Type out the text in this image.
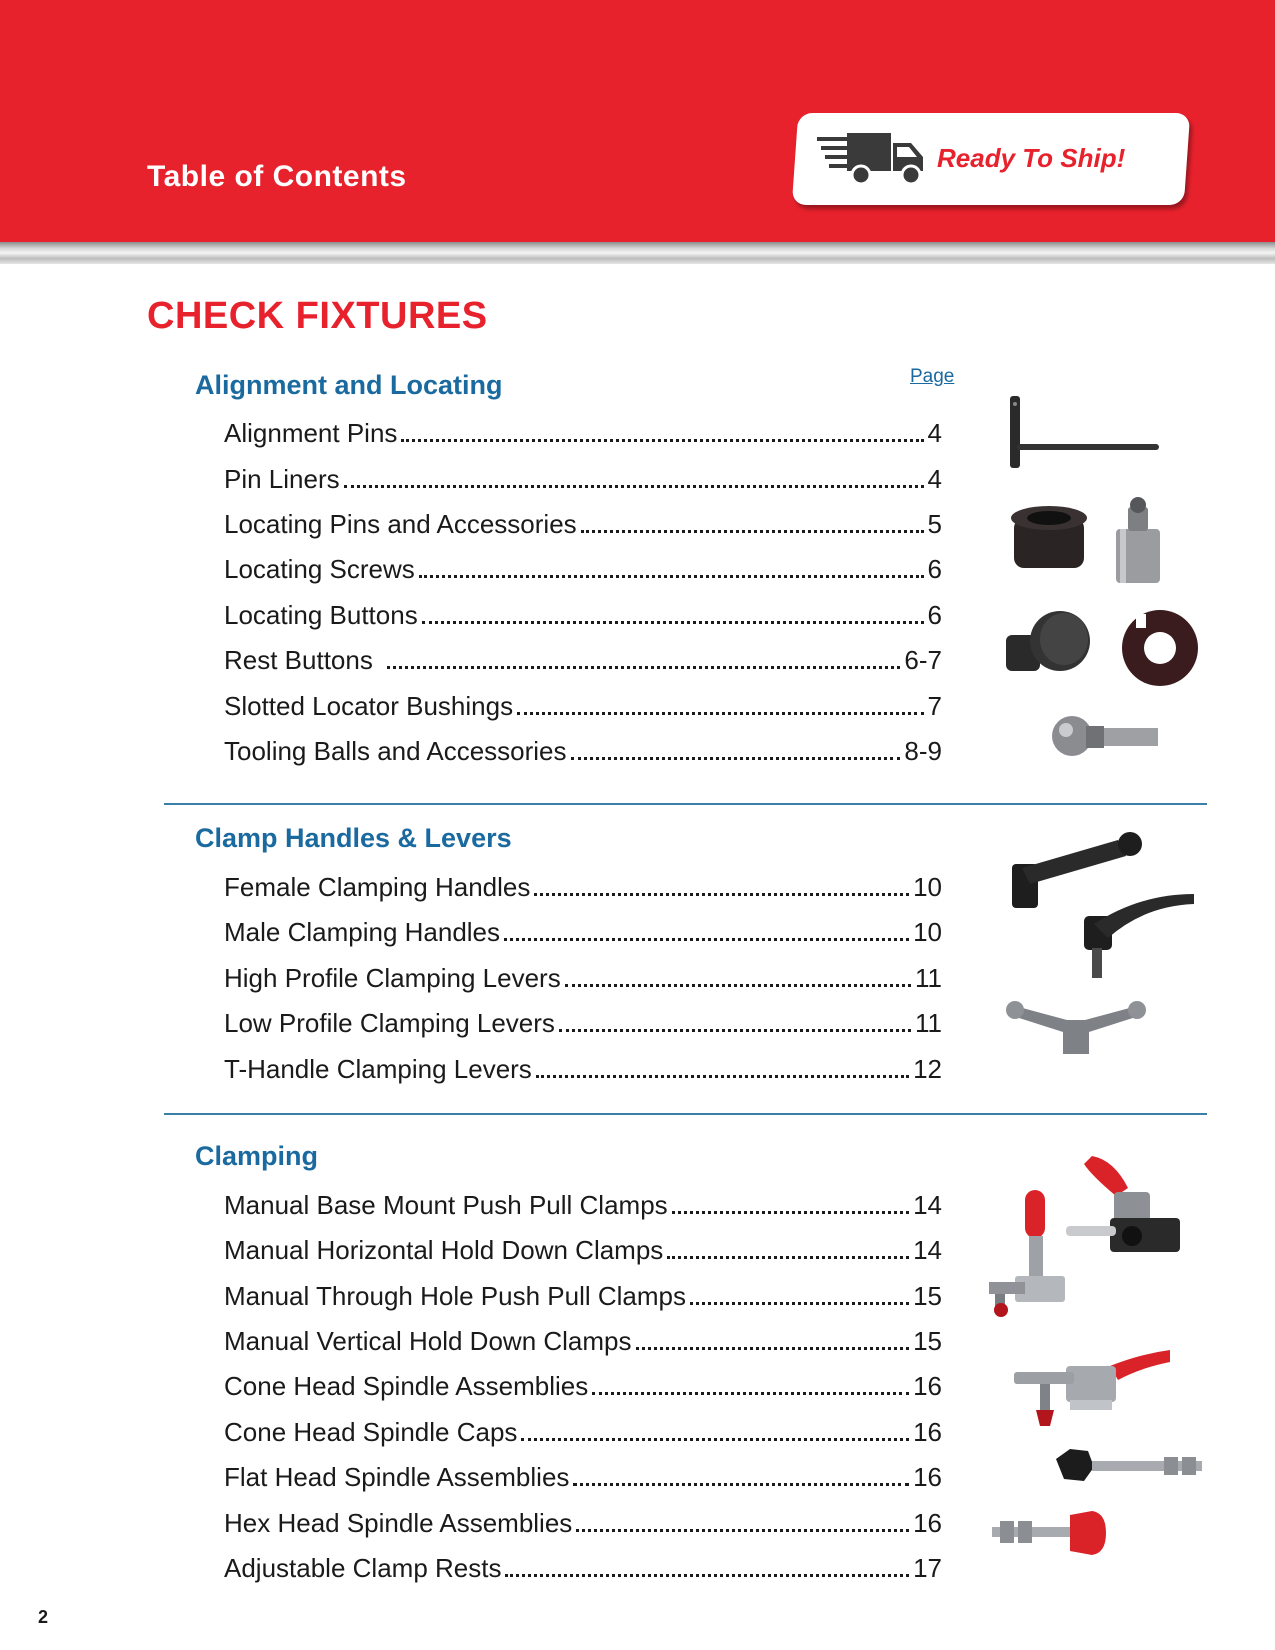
Table of Contents
Ready To Ship!
CHECK FIXTURES
Page
Alignment and Locating
Alignment Pins	4
Pin Liners	4
Locating Pins and Accessories	5
Locating Screws	6
Locating Buttons	6
Rest Buttons	6-7
Slotted Locator Bushings	7
Tooling Balls and Accessories	8-9
Clamp Handles & Levers
Female Clamping Handles	10
Male Clamping Handles	10
High Profile Clamping Levers	11
Low Profile Clamping Levers	11
T-Handle Clamping Levers	12
Clamping
Manual Base Mount Push Pull Clamps	14
Manual Horizontal Hold Down Clamps	14
Manual Through Hole Push Pull Clamps	15
Manual Vertical Hold Down Clamps	15
Cone Head Spindle Assemblies	16
Cone Head Spindle Caps	16
Flat Head Spindle Assemblies	16
Hex Head Spindle Assemblies	16
Adjustable Clamp Rests	17
2
